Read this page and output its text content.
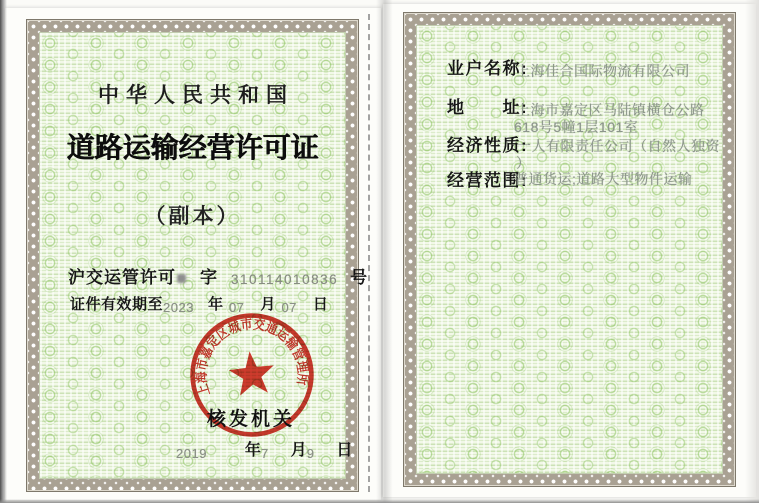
中华人民共和国
道路运输经营许可证
（副本）
沪交运管许可 字 310114010836 号
证件有效期至2023 年 07 月 07 日
上海市嘉定区城市交通运输管理所
核发机关
2019 年7 月9 日
业户名称:
上海佳合国际物流有限公司
地　　址:
上海市嘉定区马陆镇横仓公路
618号5幢1层101室
经济性质:
一人有限责任公司（自然人独资
）
经营范围:
普通货运;道路大型物件运输
